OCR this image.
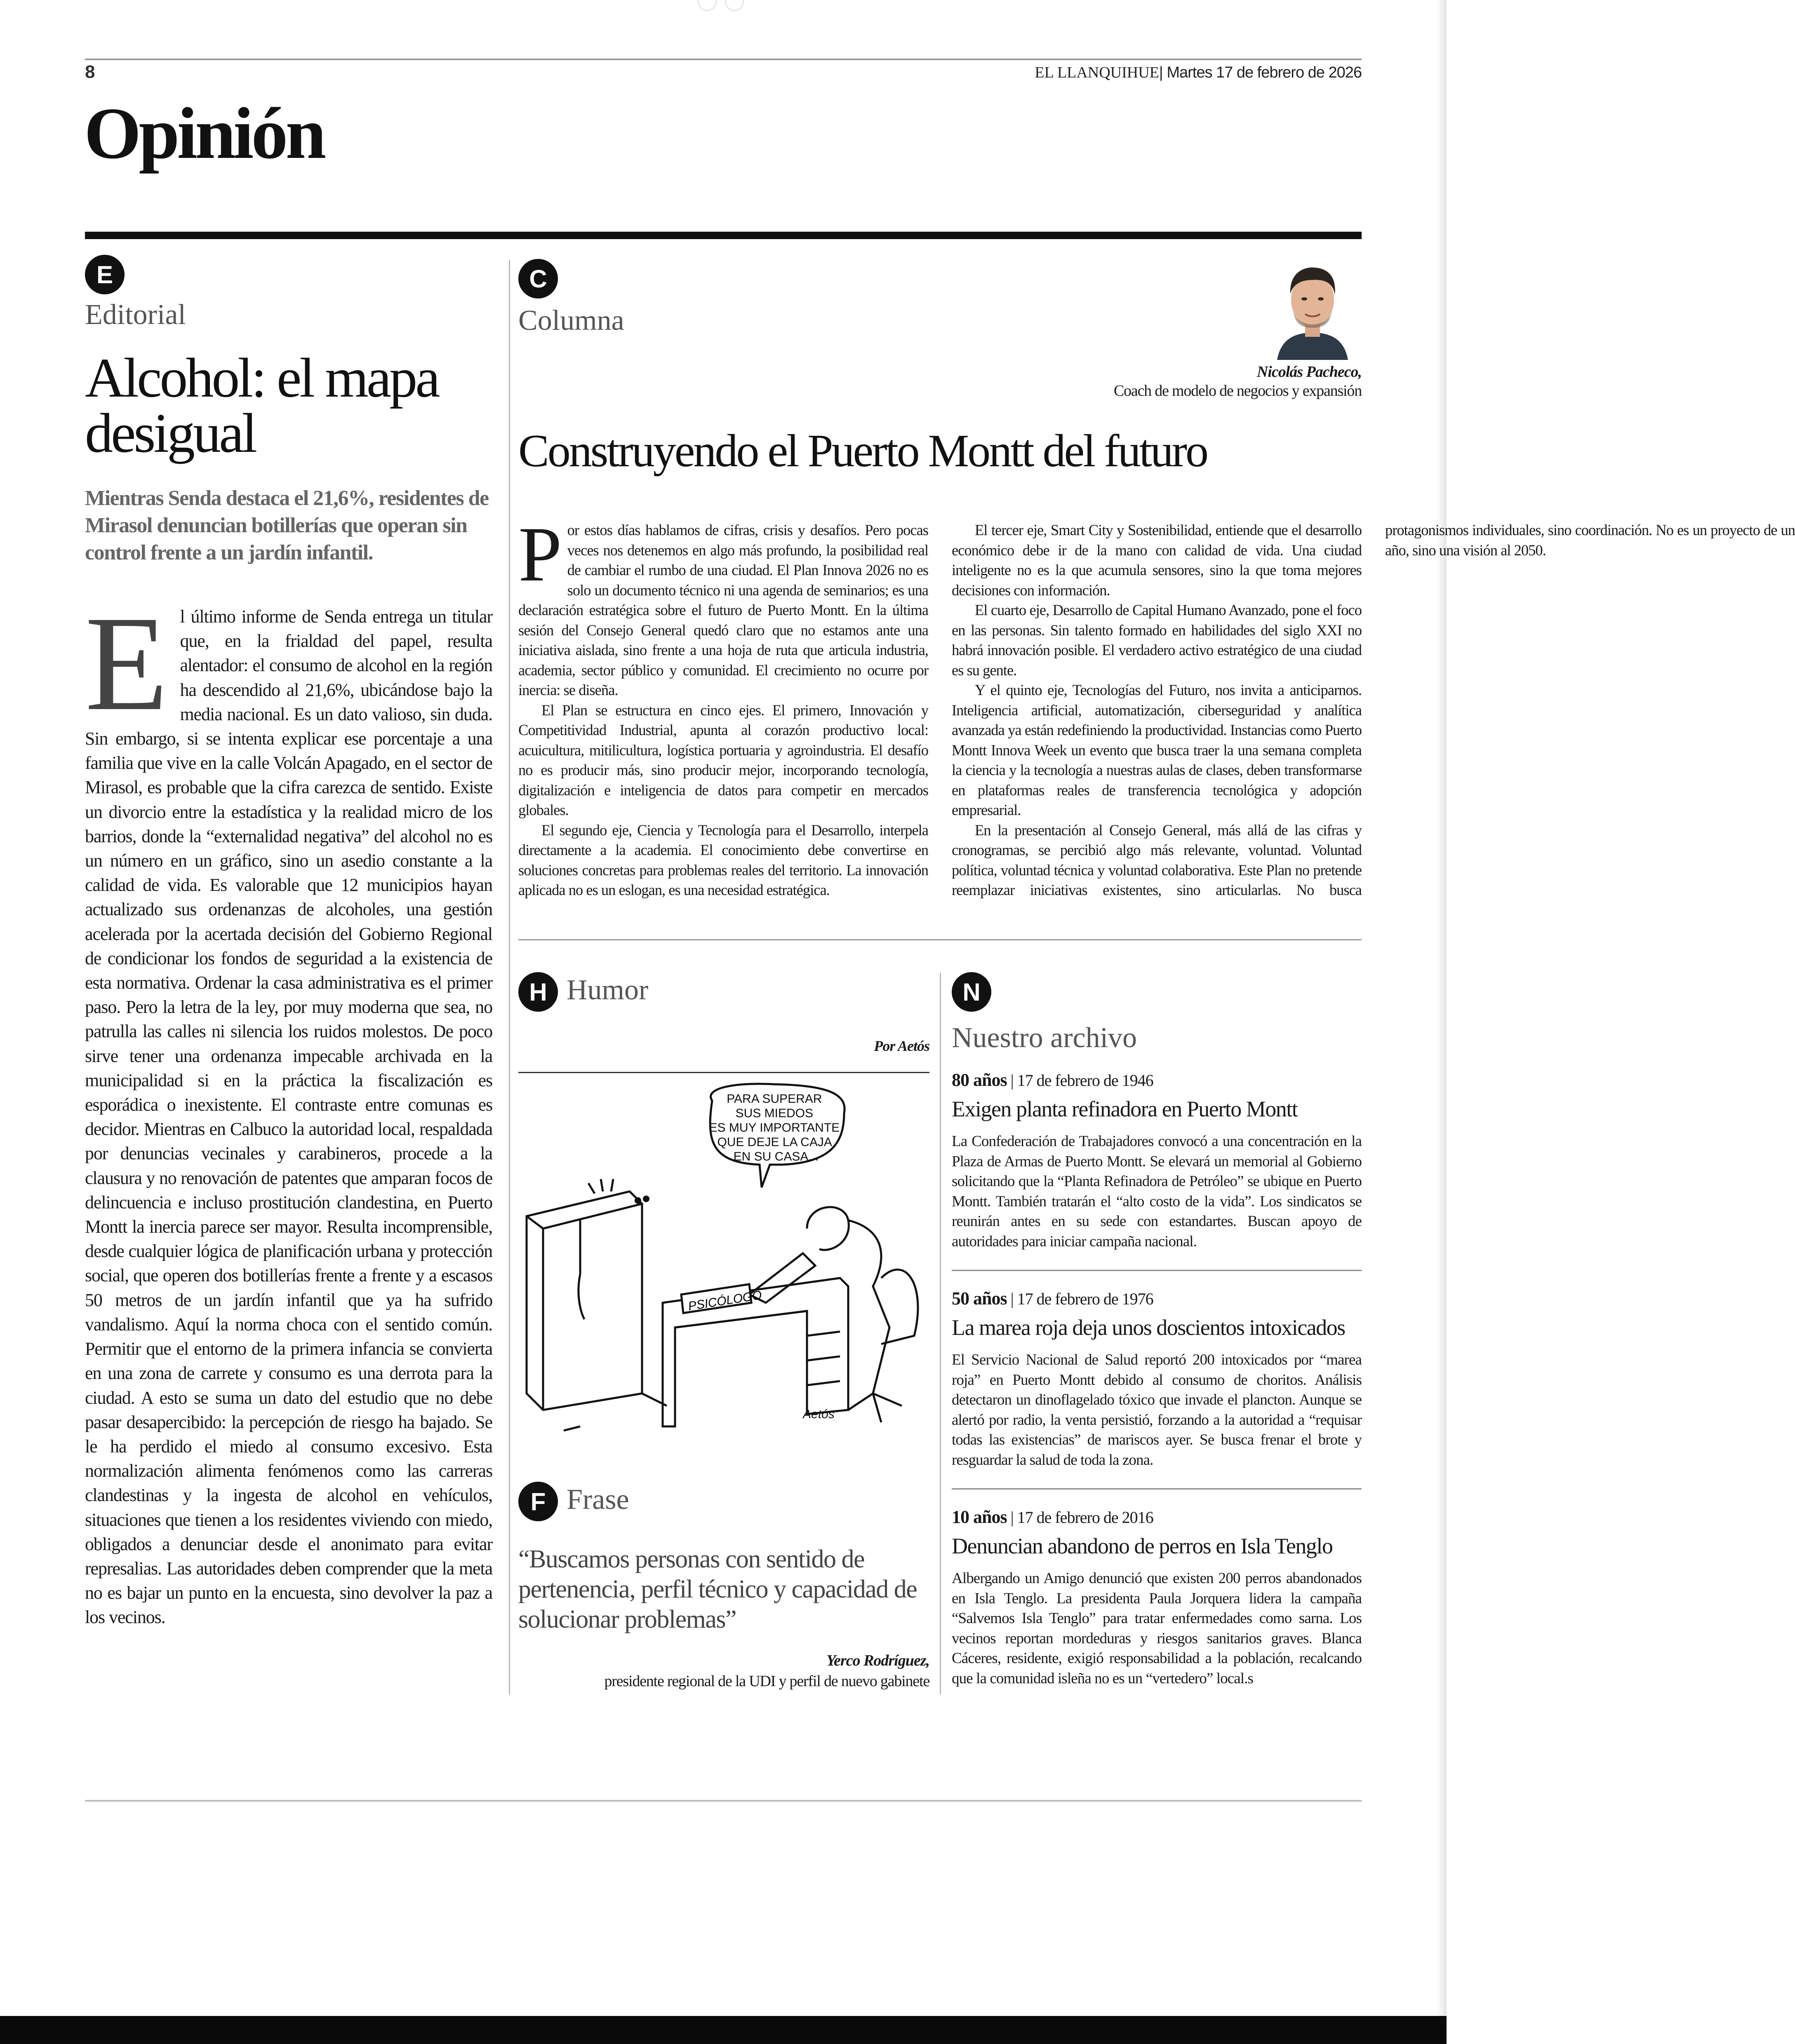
8	EL LLANQUIHUE| Martes 17 de febrero de 2026
Opinión
E
Editorial
Alcohol: el mapa desigual
Mientras Senda destaca el 21,6%, residentes de Mirasol denuncian botillerías que operan sin control frente a un jardín infantil.

El último informe de Senda entrega un titular que, en la frialdad del papel, resulta alentador: el consumo de alcohol en la región ha descendido al 21,6%, ubicándose bajo la media nacional. Es un dato valioso, sin duda. Sin embargo, si se intenta explicar ese porcentaje a una familia que vive en la calle Volcán Apagado, en el sector de Mirasol, es probable que la cifra carezca de sentido. Existe un divorcio entre la estadística y la realidad micro de los barrios, donde la “externalidad negativa” del alcohol no es un número en un gráfico, sino un asedio constante a la calidad de vida. Es valorable que 12 municipios hayan actualizado sus ordenanzas de alcoholes, una gestión acelerada por la acertada decisión del Gobierno Regional de condicionar los fondos de seguridad a la existencia de esta normativa. Ordenar la casa administrativa es el primer paso. Pero la letra de la ley, por muy moderna que sea, no patrulla las calles ni silencia los ruidos molestos. De poco sirve tener una ordenanza impecable archivada en la municipalidad si en la práctica la fiscalización es esporádica o inexistente. El contraste entre comunas es decidor. Mientras en Calbuco la autoridad local, respaldada por denuncias vecinales y carabineros, procede a la clausura y no renovación de patentes que amparan focos de delincuencia e incluso prostitución clandestina, en Puerto Montt la inercia parece ser mayor. Resulta incomprensible, desde cualquier lógica de planificación urbana y protección social, que operen dos botillerías frente a frente y a escasos 50 metros de un jardín infantil que ya ha sufrido vandalismo. Aquí la norma choca con el sentido común. Permitir que el entorno de la primera infancia se convierta en una zona de carrete y consumo es una derrota para la ciudad. A esto se suma un dato del estudio que no debe pasar desapercibido: la percepción de riesgo ha bajado. Se le ha perdido el miedo al consumo excesivo. Esta normalización alimenta fenómenos como las carreras clandestinas y la ingesta de alcohol en vehículos, situaciones que tienen a los residentes viviendo con miedo, obligados a denunciar desde el anonimato para evitar represalias. Las autoridades deben comprender que la meta no es bajar un punto en la encuesta, sino devolver la paz a los vecinos.

C
Columna
Nicolás Pacheco,
Coach de modelo de negocios y expansión
Construyendo el Puerto Montt del futuro

Por estos días hablamos de cifras, crisis y desafíos. Pero pocas veces nos detenemos en algo más profundo, la posibilidad real de cambiar el rumbo de una ciudad. El Plan Innova 2026 no es solo un documento técnico ni una agenda de seminarios; es una declaración estratégica sobre el futuro de Puerto Montt. En la última sesión del Consejo General quedó claro que no estamos ante una iniciativa aislada, sino frente a una hoja de ruta que articula industria, academia, sector público y comunidad. El crecimiento no ocurre por inercia: se diseña.

El Plan se estructura en cinco ejes. El primero, Innovación y Competitividad Industrial, apunta al corazón productivo local: acuicultura, mitilicultura, logística portuaria y agroindustria. El desafío no es producir más, sino producir mejor, incorporando tecnología, digitalización e inteligencia de datos para competir en mercados globales.

El segundo eje, Ciencia y Tecnología para el Desarrollo, interpela directamente a la academia. El conocimiento debe convertirse en soluciones concretas para problemas reales del territorio. La innovación aplicada no es un eslogan, es una necesidad estratégica.

El tercer eje, Smart City y Sostenibilidad, entiende que el desarrollo económico debe ir de la mano con calidad de vida. Una ciudad inteligente no es la que acumula sensores, sino la que toma mejores decisiones con información.

El cuarto eje, Desarrollo de Capital Humano Avanzado, pone el foco en las personas. Sin talento formado en habilidades del siglo XXI no habrá innovación posible. El verdadero activo estratégico de una ciudad es su gente.

Y el quinto eje, Tecnologías del Futuro, nos invita a anticiparnos. Inteligencia artificial, automatización, ciberseguridad y analítica avanzada ya están redefiniendo la productividad. Instancias como Puerto Montt Innova Week un evento que busca traer la una semana completa la ciencia y la tecnología a nuestras aulas de clases, deben transformarse en plataformas reales de transferencia tecnológica y adopción empresarial.

En la presentación al Consejo General, más allá de las cifras y cronogramas, se percibió algo más relevante, voluntad. Voluntad política, voluntad técnica y voluntad colaborativa. Este Plan no pretende reemplazar iniciativas existentes, sino articularlas. No busca protagonismos individuales, sino coordinación. No es un proyecto de un año, sino una visión al 2050.

H Humor
Por Aetós
PSICÓLOGO
PARA SUPERAR SUS MIEDOS ES MUY IMPORTANTE QUE DEJE LA CAJA EN SU CASA...
Aetós
F Frase
“Buscamos personas con sentido de pertenencia, perfil técnico y capacidad de solucionar problemas”
Yerco Rodríguez,
presidente regional de la UDI y perfil de nuevo gabinete
N
Nuestro archivo
80 años | 17 de febrero de 1946
Exigen planta refinadora en Puerto Montt
La Confederación de Trabajadores convocó a una concentración en la Plaza de Armas de Puerto Montt. Se elevará un memorial al Gobierno solicitando que la “Planta Refinadora de Petróleo” se ubique en Puerto Montt. También tratarán el “alto costo de la vida”. Los sindicatos se reunirán antes en su sede con estandartes. Buscan apoyo de autoridades para iniciar campaña nacional.
50 años | 17 de febrero de 1976
La marea roja deja unos doscientos intoxicados
El Servicio Nacional de Salud reportó 200 intoxicados por “marea roja” en Puerto Montt debido al consumo de choritos. Análisis detectaron un dinoflagelado tóxico que invade el plancton. Aunque se alertó por radio, la venta persistió, forzando a la autoridad a “requisar todas las existencias” de mariscos ayer. Se busca frenar el brote y resguardar la salud de toda la zona.
10 años | 17 de febrero de 2016
Denuncian abandono de perros en Isla Tenglo
Albergando un Amigo denunció que existen 200 perros abandonados en Isla Tenglo. La presidenta Paula Jorquera lidera la campaña “Salvemos Isla Tenglo” para tratar enfermedades como sarna. Los vecinos reportan mordeduras y riesgos sanitarios graves. Blanca Cáceres, residente, exigió responsabilidad a la población, recalcando que la comunidad isleña no es un “vertedero” local.s
